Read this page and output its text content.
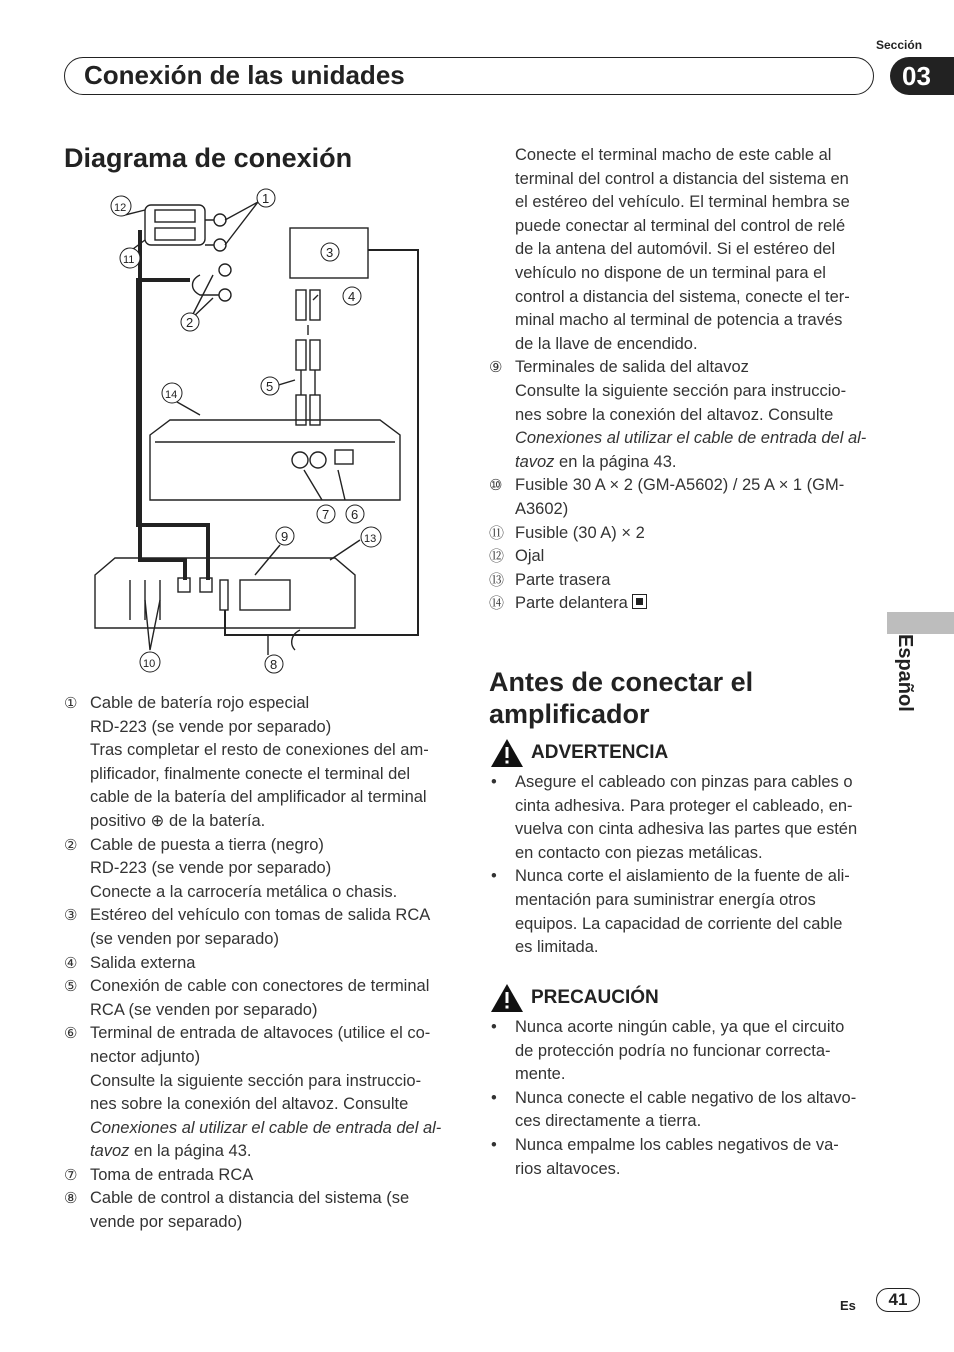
Sección
Conexión de las unidades	03
Español
Diagrama de conexión
1
2
3
4
5
6
7
8
9
10
11
12
13
14
① Cable de batería rojo especial
RD-223 (se vende por separado)
Tras completar el resto de conexiones del am-
plificador, finalmente conecte el terminal del
cable de la batería del amplificador al terminal
positivo ⊕ de la batería.
② Cable de puesta a tierra (negro)
RD-223 (se vende por separado)
Conecte a la carrocería metálica o chasis.
③ Estéreo del vehículo con tomas de salida RCA
(se venden por separado)
④ Salida externa
⑤ Conexión de cable con conectores de terminal
RCA (se venden por separado)
⑥ Terminal de entrada de altavoces (utilice el co-
nector adjunto)
Consulte la siguiente sección para instruccio-
nes sobre la conexión del altavoz. Consulte
Conexiones al utilizar el cable de entrada del al-
tavoz en la página 43.
⑦ Toma de entrada RCA
⑧ Cable de control a distancia del sistema (se
vende por separado)
Conecte el terminal macho de este cable al
terminal del control a distancia del sistema en
el estéreo del vehículo. El terminal hembra se
puede conectar al terminal del control de relé
de la antena del automóvil. Si el estéreo del
vehículo no dispone de un terminal para el
control a distancia del sistema, conecte el ter-
minal macho al terminal de potencia a través
de la llave de encendido.
⑨ Terminales de salida del altavoz
Consulte la siguiente sección para instruccio-
nes sobre la conexión del altavoz. Consulte
Conexiones al utilizar el cable de entrada del al-
tavoz en la página 43.
⑩ Fusible 30 A × 2 (GM-A5602) / 25 A × 1 (GM-
A3602)
⑪ Fusible (30 A) × 2
⑫ Ojal
⑬ Parte trasera
⑭ Parte delantera
Antes de conectar el
amplificador
ADVERTENCIA
• Asegure el cableado con pinzas para cables o
cinta adhesiva. Para proteger el cableado, en-
vuelva con cinta adhesiva las partes que estén
en contacto con piezas metálicas.
• Nunca corte el aislamiento de la fuente de ali-
mentación para suministrar energía otros
equipos. La capacidad de corriente del cable
es limitada.
PRECAUCIÓN
• Nunca acorte ningún cable, ya que el circuito
de protección podría no funcionar correcta-
mente.
• Nunca conecte el cable negativo de los altavo-
ces directamente a tierra.
• Nunca empalme los cables negativos de va-
rios altavoces.
Es	41
